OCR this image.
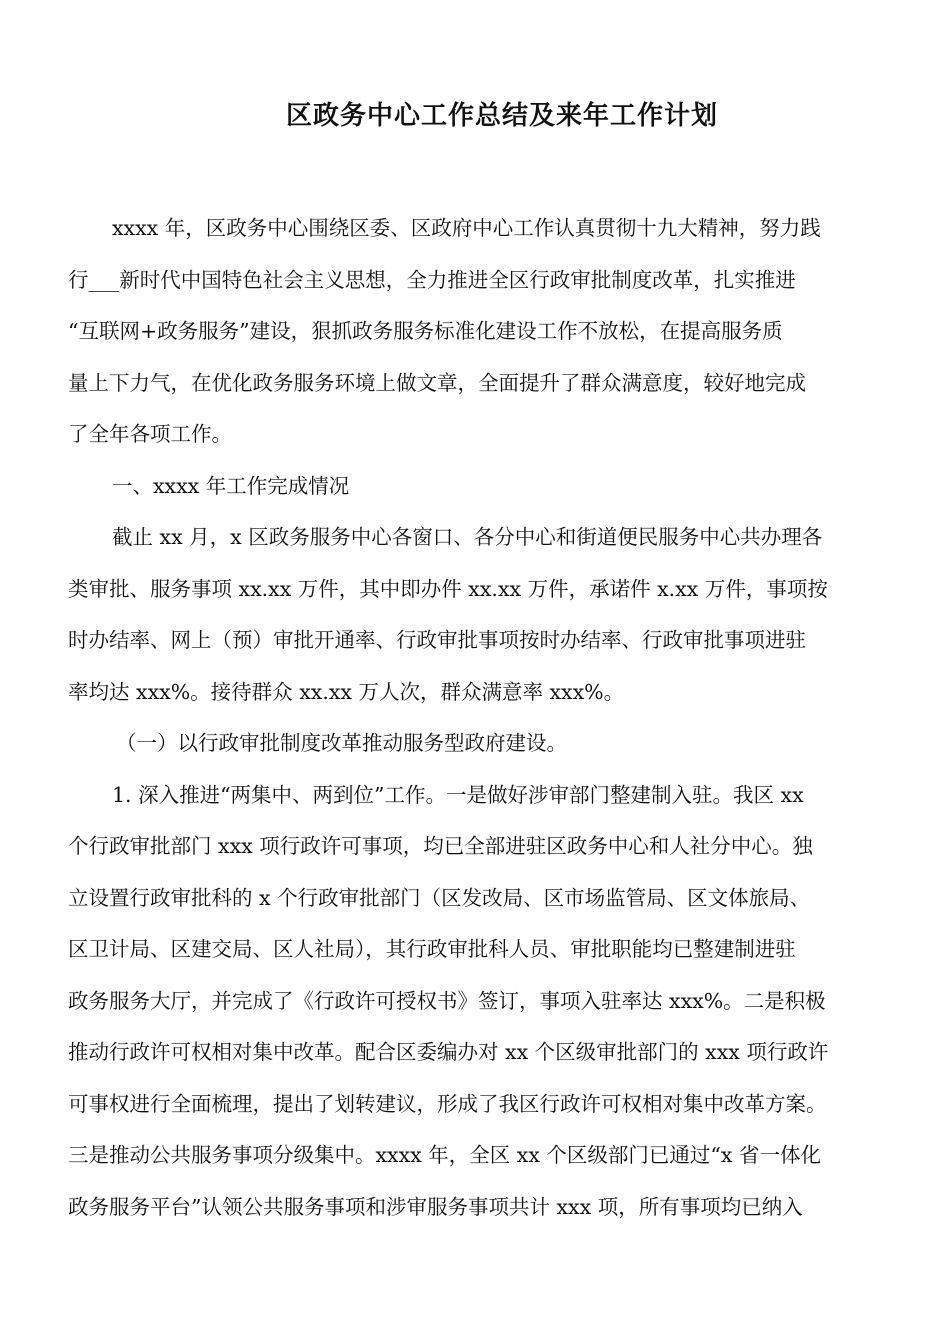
区政务中心工作总结及来年工作计划
xxxx 年，区政务中心围绕区委、区政府中心工作认真贯彻十九大精神，努力践
行___新时代中国特色社会主义思想，全力推进全区行政审批制度改革，扎实推进
“互联网+政务服务”建设，狠抓政务服务标准化建设工作不放松，在提高服务质
量上下力气，在优化政务服务环境上做文章，全面提升了群众满意度，较好地完成
了全年各项工作。
一、xxxx 年工作完成情况
截止 xx 月，x 区政务服务中心各窗口、各分中心和街道便民服务中心共办理各
类审批、服务事项 xx.xx 万件，其中即办件 xx.xx 万件，承诺件 x.xx 万件，事项按
时办结率、网上（预）审批开通率、行政审批事项按时办结率、行政审批事项进驻
率均达 xxx%。接待群众 xx.xx 万人次，群众满意率 xxx%。
（一）以行政审批制度改革推动服务型政府建设。
1. 深入推进“两集中、两到位”工作。一是做好涉审部门整建制入驻。我区 xx
个行政审批部门 xxx 项行政许可事项，均已全部进驻区政务中心和人社分中心。独
立设置行政审批科的 x 个行政审批部门（区发改局、区市场监管局、区文体旅局、
区卫计局、区建交局、区人社局），其行政审批科人员、审批职能均已整建制进驻
政务服务大厅，并完成了《行政许可授权书》签订，事项入驻率达 xxx%。二是积极
推动行政许可权相对集中改革。配合区委编办对 xx 个区级审批部门的 xxx 项行政许
可事权进行全面梳理，提出了划转建议，形成了我区行政许可权相对集中改革方案。
三是推动公共服务事项分级集中。xxxx 年，全区 xx 个区级部门已通过“x 省一体化
政务服务平台”认领公共服务事项和涉审服务事项共计 xxx 项，所有事项均已纳入
